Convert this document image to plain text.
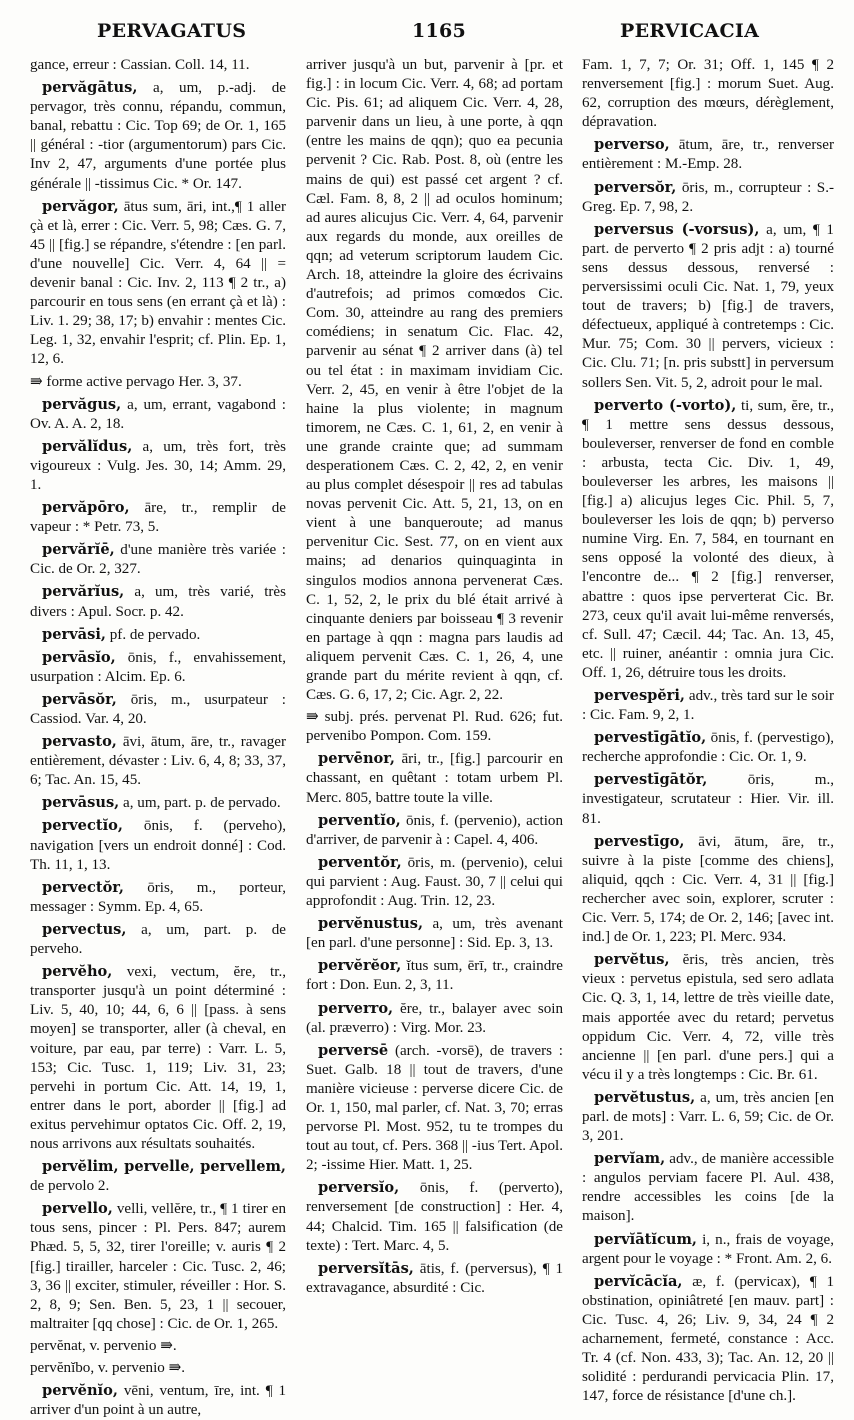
PERVAGATUS	1165	PERVICACIA

gance, erreur : Cassian. Coll. 14, 11.

pervăgātus, a, um, p.-adj. de pervagor, très connu, répandu, commun, banal, rebattu : Cic. Top 69; de Or. 1, 165 || général : -tior (argumentorum) pars Cic. Inv 2, 47, arguments d'une portée plus générale || -tissimus Cic. * Or. 147.

pervăgor, ātus sum, āri, int.,¶ 1 aller çà et là, errer : Cic. Verr. 5, 98; Cæs. G. 7, 45 || [fig.] se répandre, s'étendre : [en parl. d'une nouvelle] Cic. Verr. 4, 64 || = devenir banal : Cic. Inv. 2, 113 ¶ 2 tr., a) parcourir en tous sens (en errant çà et là) : Liv. 1. 29; 38, 17; b) envahir : mentes Cic. Leg. 1, 32, envahir l'esprit; cf. Plin. Ep. 1, 12, 6.

⇛ forme active pervago Her. 3, 37.

pervăgus, a, um, errant, vagabond : Ov. A. A. 2, 18.

pervălĭdus, a, um, très fort, très vigoureux : Vulg. Jes. 30, 14; Amm. 29, 1.

pervăpōro, āre, tr., remplir de vapeur : * Petr. 73, 5.

pervărĭē, d'une manière très variée : Cic. de Or. 2, 327.

pervărĭus, a, um, très varié, très divers : Apul. Socr. p. 42.

pervāsi, pf. de pervado.

pervāsĭo, ōnis, f., envahissement, usurpation : Alcim. Ep. 6.

pervāsŏr, ōris, m., usurpateur : Cassiod. Var. 4, 20.

pervasto, āvi, ātum, āre, tr., ravager entièrement, dévaster : Liv. 6, 4, 8; 33, 37, 6; Tac. An. 15, 45.

pervāsus, a, um, part. p. de pervado.

pervectĭo, ōnis, f. (perveho), navigation [vers un endroit donné] : Cod. Th. 11, 1, 13.

pervectŏr, ōris, m., porteur, messager : Symm. Ep. 4, 65.

pervectus, a, um, part. p. de perveho.

pervĕho, vexi, vectum, ĕre, tr., transporter jusqu'à un point déterminé : Liv. 5, 40, 10; 44, 6, 6 || [pass. à sens moyen] se transporter, aller (à cheval, en voiture, par eau, par terre) : Varr. L. 5, 153; Cic. Tusc. 1, 119; Liv. 31, 23; pervehi in portum Cic. Att. 14, 19, 1, entrer dans le port, aborder || [fig.] ad exitus pervehimur optatos Cic. Off. 2, 19, nous arrivons aux résultats souhaités.

pervĕlim, pervelle, pervellem, de pervolo 2.

pervello, velli, vellĕre, tr., ¶ 1 tirer en tous sens, pincer : Pl. Pers. 847; aurem Phæd. 5, 5, 32, tirer l'oreille; v. auris ¶ 2 [fig.] tirailler, harceler : Cic. Tusc. 2, 46; 3, 36 || exciter, stimuler, réveiller : Hor. S. 2, 8, 9; Sen. Ben. 5, 23, 1 || secouer, maltraiter [qq chose] : Cic. de Or. 1, 265.

pervĕnat, v. pervenio ⇛.

pervĕnĭbo, v. pervenio ⇛.

pervĕnĭo, vēni, ventum, īre, int. ¶ 1 arriver d'un point à un autre,

arriver jusqu'à un but, parvenir à [pr. et fig.] : in locum Cic. Verr. 4, 68; ad portam Cic. Pis. 61; ad aliquem Cic. Verr. 4, 28, parvenir dans un lieu, à une porte, à qqn (entre les mains de qqn); quo ea pecunia pervenit ? Cic. Rab. Post. 8, où (entre les mains de qui) est passé cet argent ? cf. Cæl. Fam. 8, 8, 2 || ad oculos hominum; ad aures alicujus Cic. Verr. 4, 64, parvenir aux regards du monde, aux oreilles de qqn; ad veterum scriptorum laudem Cic. Arch. 18, atteindre la gloire des écrivains d'autrefois; ad primos comœdos Cic. Com. 30, atteindre au rang des premiers comédiens; in senatum Cic. Flac. 42, parvenir au sénat ¶ 2 arriver dans (à) tel ou tel état : in maximam invidiam Cic. Verr. 2, 45, en venir à être l'objet de la haine la plus violente; in magnum timorem, ne Cæs. C. 1, 61, 2, en venir à une grande crainte que; ad summam desperationem Cæs. C. 2, 42, 2, en venir au plus complet désespoir || res ad tabulas novas pervenit Cic. Att. 5, 21, 13, on en vient à une banqueroute; ad manus pervenitur Cic. Sest. 77, on en vient aux mains; ad denarios quinquaginta in singulos modios annona pervenerat Cæs. C. 1, 52, 2, le prix du blé était arrivé à cinquante deniers par boisseau ¶ 3 revenir en partage à qqn : magna pars laudis ad aliquem pervenit Cæs. C. 1, 26, 4, une grande part du mérite revient à qqn, cf. Cæs. G. 6, 17, 2; Cic. Agr. 2, 22.

⇛ subj. prés. pervenat Pl. Rud. 626; fut. pervenibo Pompon. Com. 159.

pervēnor, āri, tr., [fig.] parcourir en chassant, en quêtant : totam urbem Pl. Merc. 805, battre toute la ville.

perventĭo, ōnis, f. (pervenio), action d'arriver, de parvenir à : Capel. 4, 406.

perventŏr, ōris, m. (pervenio), celui qui parvient : Aug. Faust. 30, 7 || celui qui approfondit : Aug. Trin. 12, 23.

pervĕnustus, a, um, très avenant [en parl. d'une personne] : Sid. Ep. 3, 13.

pervĕrĕor, ĭtus sum, ērī, tr., craindre fort : Don. Eun. 2, 3, 11.

perverro, ĕre, tr., balayer avec soin (al. præverro) : Virg. Mor. 23.

perversē (arch. -vorsē), de travers : Suet. Galb. 18 || tout de travers, d'une manière vicieuse : perverse dicere Cic. de Or. 1, 150, mal parler, cf. Nat. 3, 70; erras pervorse Pl. Most. 952, tu te trompes du tout au tout, cf. Pers. 368 || -ius Tert. Apol. 2; -issime Hier. Matt. 1, 25.

perversĭo, ōnis, f. (perverto), renversement [de construction] : Her. 4, 44; Chalcid. Tim. 165 || falsification (de texte) : Tert. Marc. 4, 5.

perversĭtās, ātis, f. (perversus), ¶ 1 extravagance, absurdité : Cic.

Fam. 1, 7, 7; Or. 31; Off. 1, 145 ¶ 2 renversement [fig.] : morum Suet. Aug. 62, corruption des mœurs, dérèglement, dépravation.

perverso, ātum, āre, tr., renverser entièrement : M.-Emp. 28.

perversŏr, ōris, m., corrupteur : S.-Greg. Ep. 7, 98, 2.

perversus (-vorsus), a, um, ¶ 1 part. de perverto ¶ 2 pris adjt : a) tourné sens dessus dessous, renversé : perversissimi oculi Cic. Nat. 1, 79, yeux tout de travers; b) [fig.] de travers, défectueux, appliqué à contretemps : Cic. Mur. 75; Com. 30 || pervers, vicieux : Cic. Clu. 71; [n. pris substt] in perversum sollers Sen. Vit. 5, 2, adroit pour le mal.

perverto (-vorto), ti, sum, ĕre, tr., ¶ 1 mettre sens dessus dessous, bouleverser, renverser de fond en comble : arbusta, tecta Cic. Div. 1, 49, bouleverser les arbres, les maisons || [fig.] a) alicujus leges Cic. Phil. 5, 7, bouleverser les lois de qqn; b) perverso numine Virg. En. 7, 584, en tournant en sens opposé la volonté des dieux, à l'encontre de... ¶ 2 [fig.] renverser, abattre : quos ipse perverterat Cic. Br. 273, ceux qu'il avait lui-même renversés, cf. Sull. 47; Cæcil. 44; Tac. An. 13, 45, etc. || ruiner, anéantir : omnia jura Cic. Off. 1, 26, détruire tous les droits.

pervespĕri, adv., très tard sur le soir : Cic. Fam. 9, 2, 1.

pervestīgātĭo, ōnis, f. (pervestigo), recherche approfondie : Cic. Or. 1, 9.

pervestīgātŏr,	ōris, m., investigateur, scrutateur : Hier. Vir. ill. 81.

pervestīgo, āvi, ātum, āre, tr., suivre à la piste [comme des chiens], aliquid, qqch : Cic. Verr. 4, 31 || [fig.] rechercher avec soin, explorer, scruter : Cic. Verr. 5, 174; de Or. 2, 146; [avec int. ind.] de Or. 1, 223; Pl. Merc. 934.

pervĕtus, ĕris, très ancien, très vieux : pervetus epistula, sed sero adlata Cic. Q. 3, 1, 14, lettre de très vieille date, mais apportée avec du retard; pervetus oppidum Cic. Verr. 4, 72, ville très ancienne || [en parl. d'une pers.] qui a vécu il y a très longtemps : Cic. Br. 61.

pervĕtustus, a, um, très ancien [en parl. de mots] : Varr. L. 6, 59; Cic. de Or. 3, 201.

pervĭam, adv., de manière accessible : angulos perviam facere Pl. Aul. 438, rendre accessibles les coins [de la maison].

pervĭātĭcum, i, n., frais de voyage, argent pour le voyage : * Front. Am. 2, 6.

pervĭcācĭa, æ, f. (pervicax), ¶ 1 obstination, opiniâtreté [en mauv. part] : Cic. Tusc. 4, 26; Liv. 9, 34, 24 ¶ 2 acharnement, fermeté, constance : Acc. Tr. 4 (cf. Non. 433, 3); Tac. An. 12, 20 || solidité : perdurandi pervicacia Plin. 17, 147, force de résistance [d'une ch.].
